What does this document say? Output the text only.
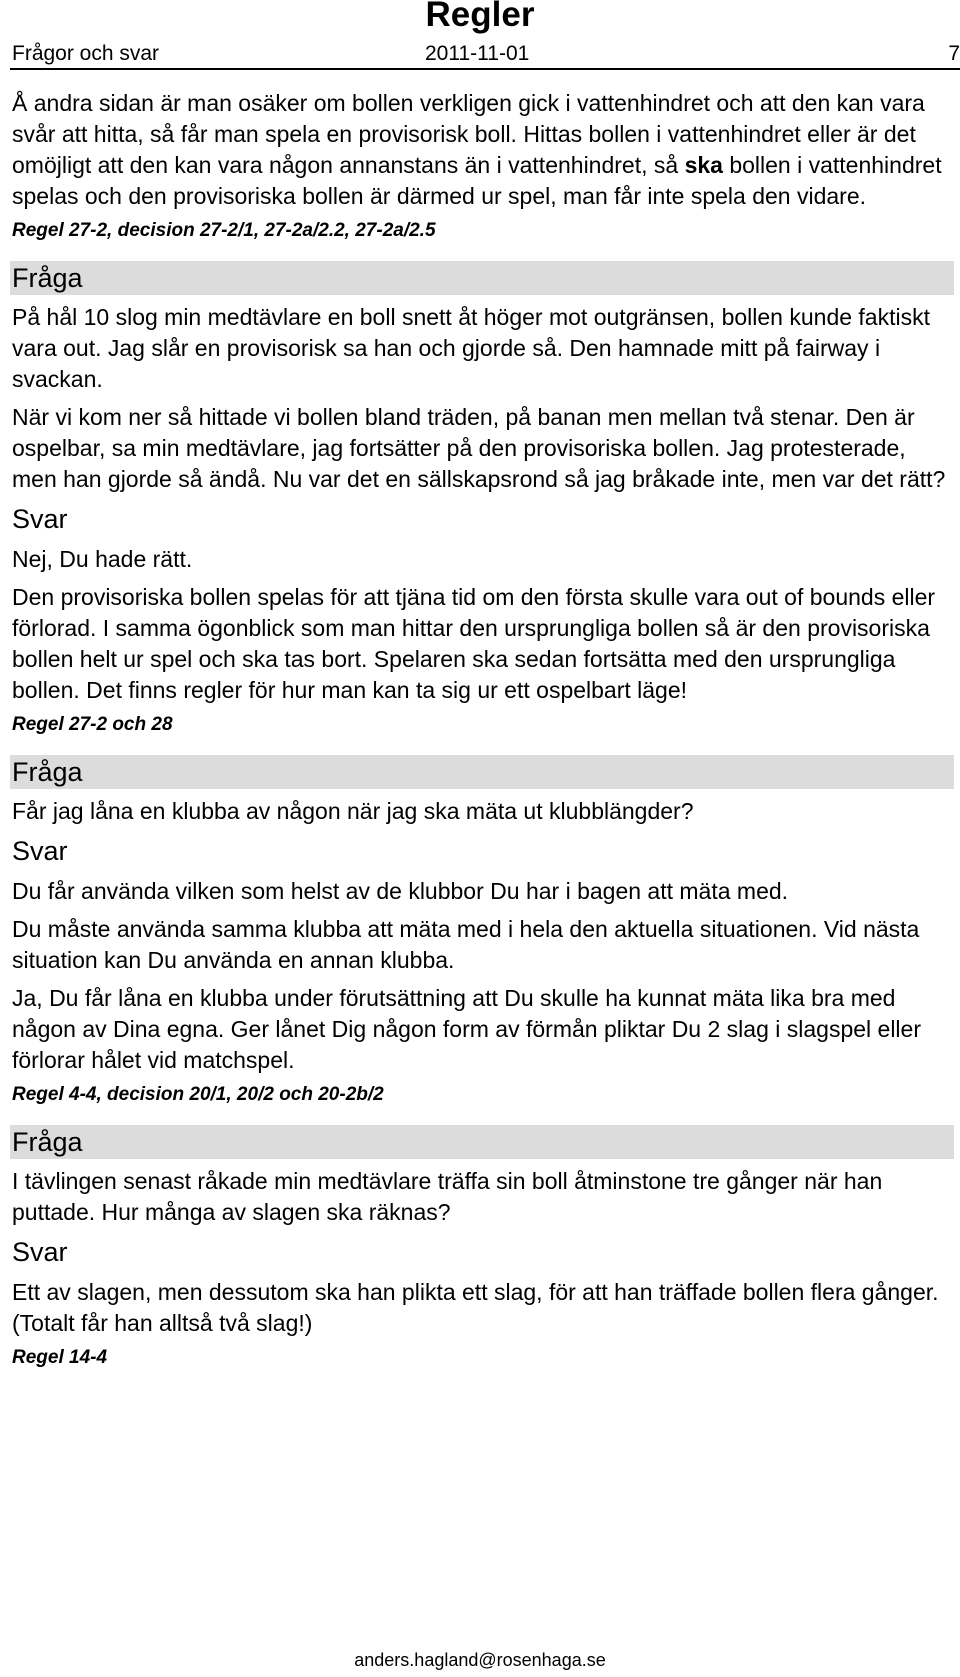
Regler
Frågor och svar	2011-11-01	7

Å andra sidan är man osäker om bollen verkligen gick i vattenhindret och att den kan vara svår att hitta, så får man spela en provisorisk boll. Hittas bollen i vattenhindret eller är det omöjligt att den kan vara någon annanstans än i vattenhindret, så ska bollen i vattenhindret spelas och den provisoriska bollen är därmed ur spel, man får inte spela den vidare.

Regel 27-2, decision 27-2/1, 27-2a/2.2, 27-2a/2.5
Fråga

På hål 10 slog min medtävlare en boll snett åt höger mot outgränsen, bollen kunde faktiskt vara out. Jag slår en provisorisk sa han och gjorde så. Den hamnade mitt på fairway i svackan.

När vi kom ner så hittade vi bollen bland träden, på banan men mellan två stenar. Den är ospelbar, sa min medtävlare, jag fortsätter på den provisoriska bollen. Jag protesterade, men han gjorde så ändå. Nu var det en sällskapsrond så jag bråkade inte, men var det rätt?

Svar

Nej, Du hade rätt.

Den provisoriska bollen spelas för att tjäna tid om den första skulle vara out of bounds eller förlorad. I samma ögonblick som man hittar den ursprungliga bollen så är den provisoriska bollen helt ur spel och ska tas bort. Spelaren ska sedan fortsätta med den ursprungliga bollen. Det finns regler för hur man kan ta sig ur ett ospelbart läge!

Regel 27-2 och 28
Fråga

Får jag låna en klubba av någon när jag ska mäta ut klubblängder?

Svar

Du får använda vilken som helst av de klubbor Du har i bagen att mäta med.

Du måste använda samma klubba att mäta med i hela den aktuella situationen. Vid nästa situation kan Du använda en annan klubba.

Ja, Du får låna en klubba under förutsättning att Du skulle ha kunnat mäta lika bra med någon av Dina egna. Ger lånet Dig någon form av förmån pliktar Du 2 slag i slagspel eller förlorar hålet vid matchspel.

Regel 4-4, decision 20/1, 20/2 och 20-2b/2
Fråga

I tävlingen senast råkade min medtävlare träffa sin boll åtminstone tre gånger när han puttade. Hur många av slagen ska räknas?

Svar

Ett av slagen, men dessutom ska han plikta ett slag, för att han träffade bollen flera gånger. (Totalt får han alltså två slag!)

Regel 14-4
anders.hagland@rosenhaga.se
